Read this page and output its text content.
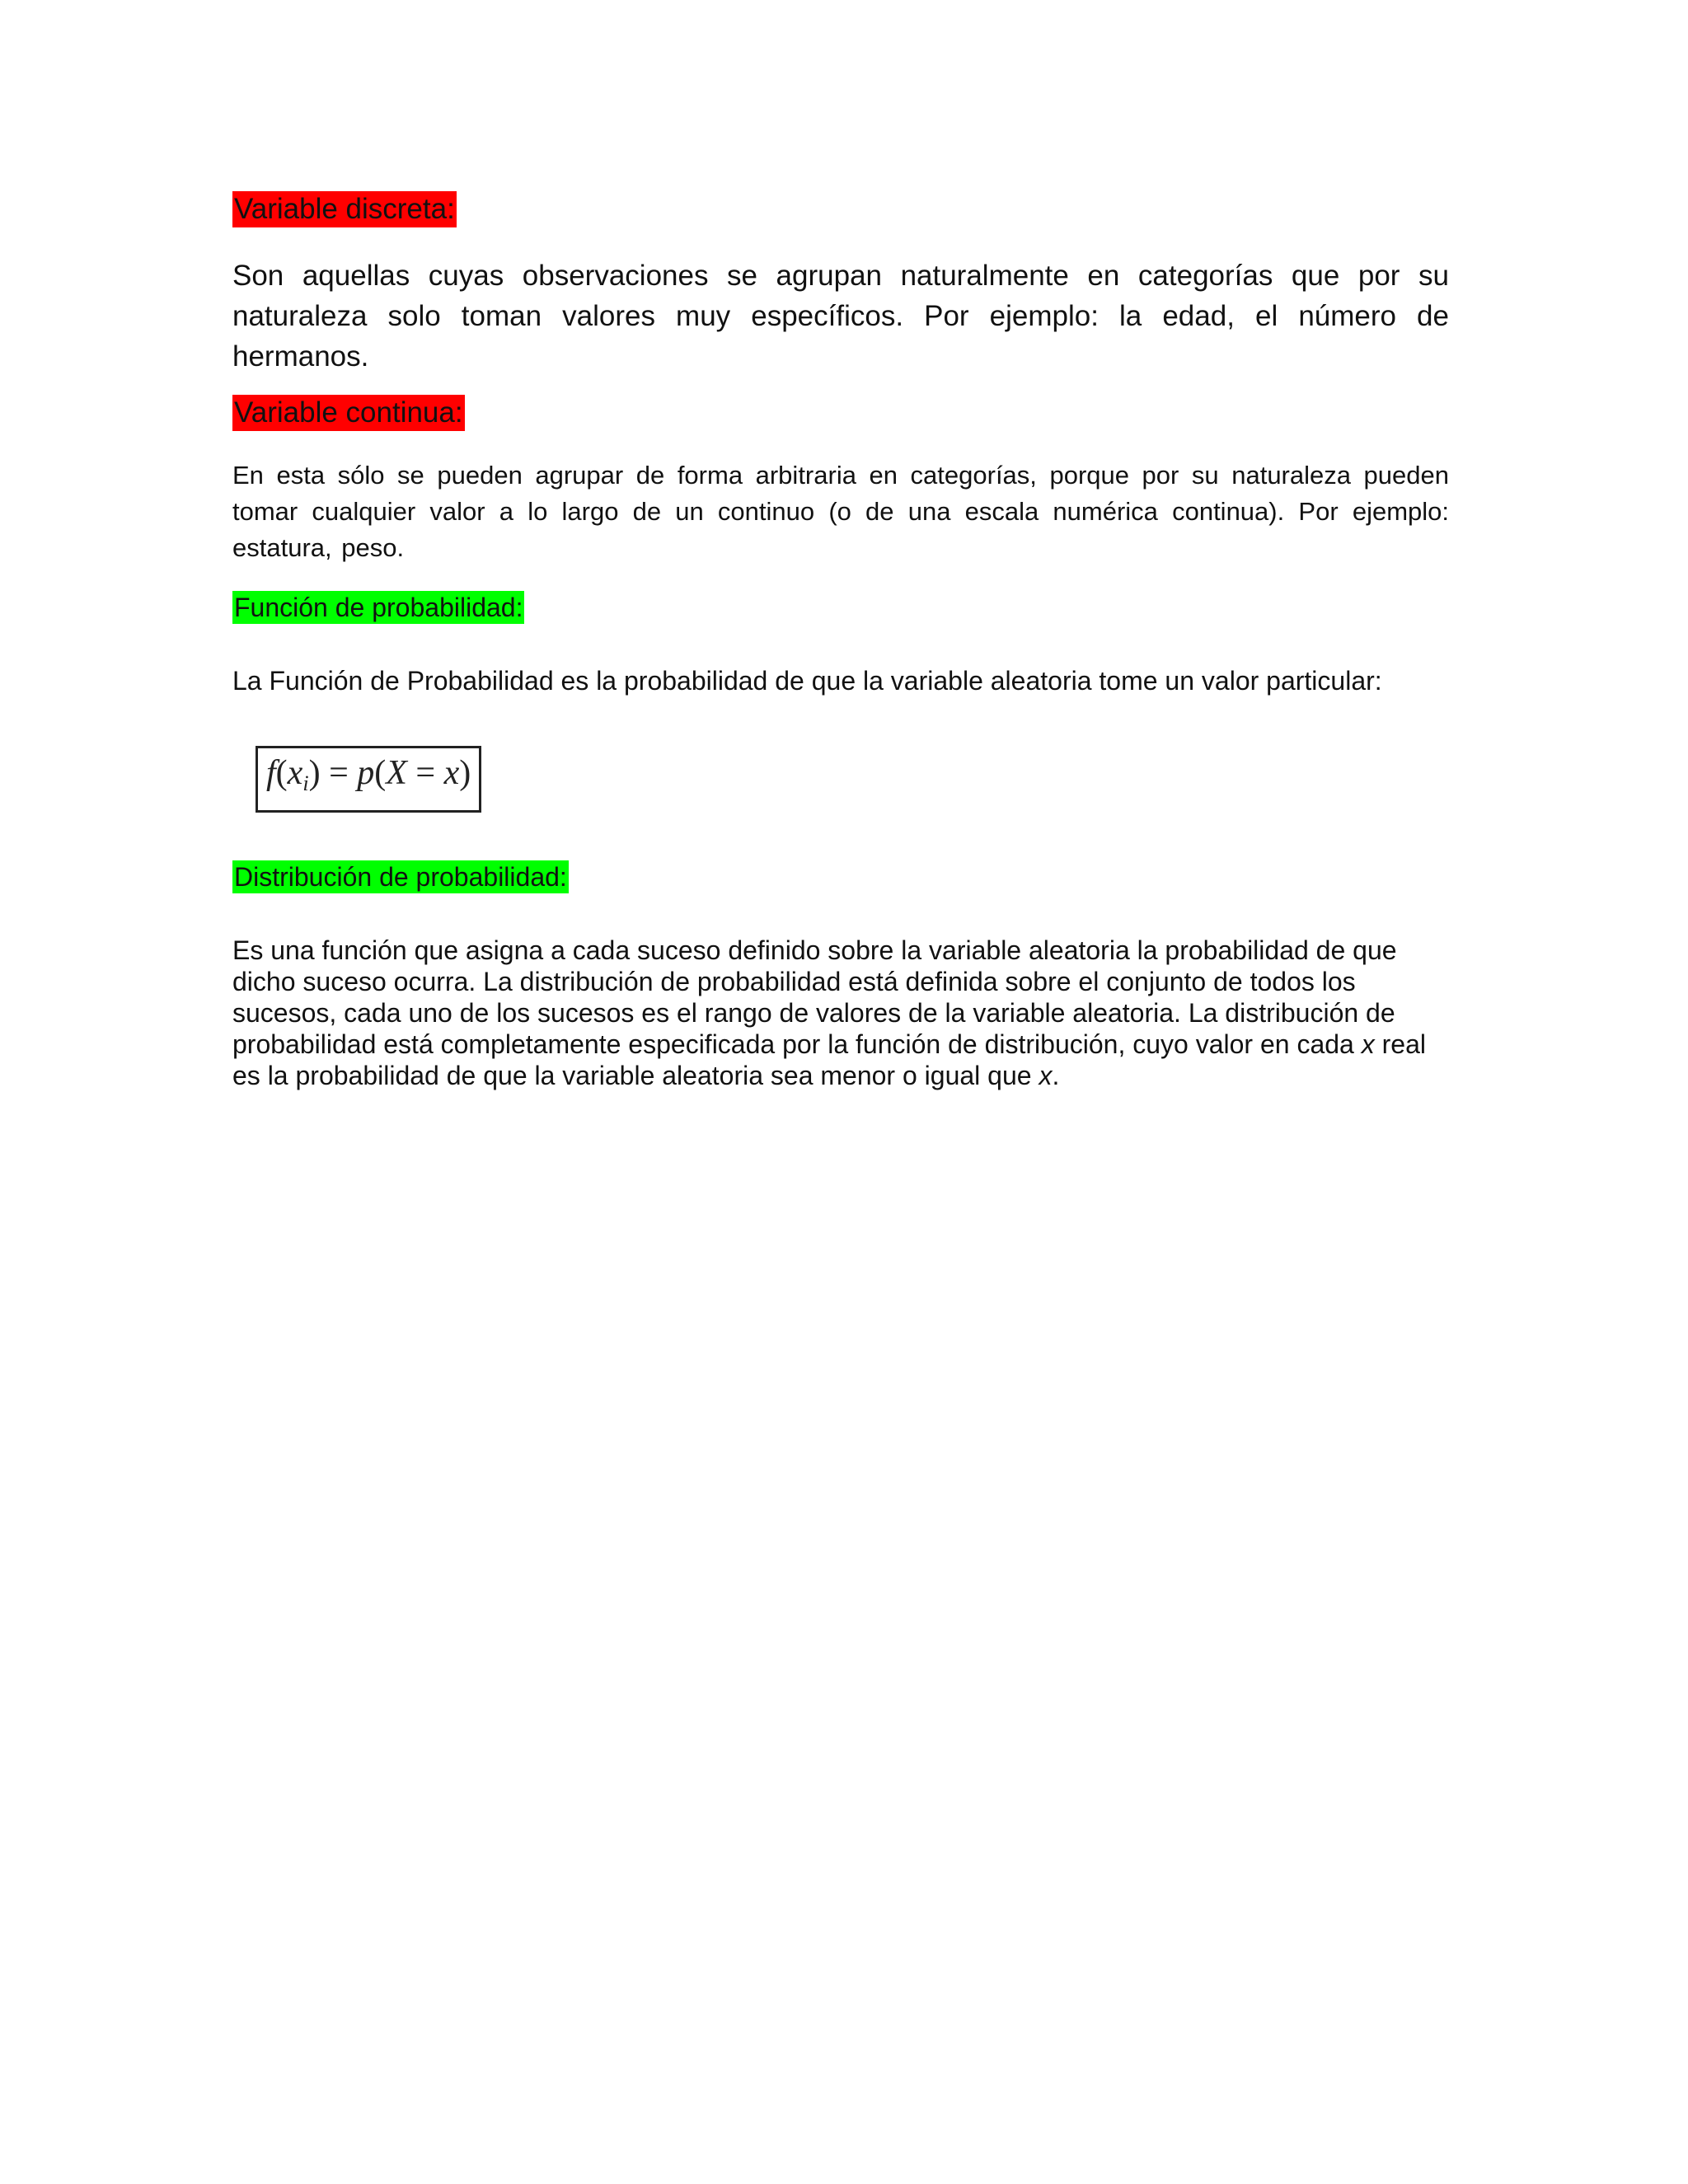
Variable discreta:

Son aquellas cuyas observaciones se agrupan naturalmente en categorías que por su naturaleza solo toman valores muy específicos. Por ejemplo: la edad, el número de hermanos.

Variable continua:

En esta sólo se pueden agrupar de forma arbitraria en categorías, porque por su naturaleza pueden tomar cualquier valor a lo largo de un continuo (o de una escala numérica continua). Por ejemplo: estatura, peso.

Función de probabilidad:

La Función de Probabilidad es la probabilidad de que la variable aleatoria tome un valor particular:

$f(x_i) = p(X = x)$
Distribución de probabilidad:

Es una función que asigna a cada suceso definido sobre la variable aleatoria la probabilidad de que dicho suceso ocurra. La distribución de probabilidad está definida sobre el conjunto de todos los sucesos, cada uno de los sucesos es el rango de valores de la variable aleatoria. La distribución de probabilidad está completamente especificada por la función de distribución, cuyo valor en cada x real es la probabilidad de que la variable aleatoria sea menor o igual que x.
